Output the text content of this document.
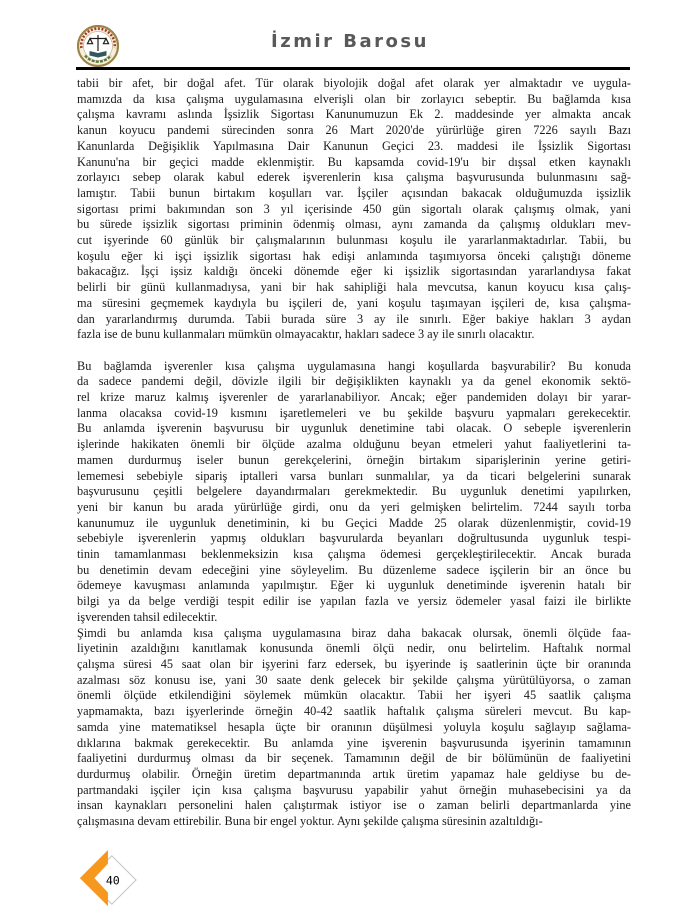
İzmir Barosu
tabii bir afet, bir doğal afet. Tür olarak biyolojik doğal afet olarak yer almaktadır ve uygula-
mamızda da kısa çalışma uygulamasına elverişli olan bir zorlayıcı sebeptir. Bu bağlamda kısa
çalışma kavramı aslında İşsizlik Sigortası Kanunumuzun Ek 2. maddesinde yer almakta ancak
kanun koyucu pandemi sürecinden sonra 26 Mart 2020'de yürürlüğe giren 7226 sayılı Bazı
Kanunlarda Değişiklik Yapılmasına Dair Kanunun Geçici 23. maddesi ile İşsizlik Sigortası
Kanunu'na bir geçici madde eklenmiştir. Bu kapsamda covid-19'u bir dışsal etken kaynaklı
zorlayıcı sebep olarak kabul ederek işverenlerin kısa çalışma başvurusunda bulunmasını sağ-
lamıştır. Tabii bunun birtakım koşulları var. İşçiler açısından bakacak olduğumuzda işsizlik
sigortası primi bakımından son 3 yıl içerisinde 450 gün sigortalı olarak çalışmış olmak, yani
bu sürede işsizlik sigortası priminin ödenmiş olması, aynı zamanda da çalışmış oldukları mev-
cut işyerinde 60 günlük bir çalışmalarının bulunması koşulu ile yararlanmaktadırlar. Tabii, bu
koşulu eğer ki işçi işsizlik sigortası hak edişi anlamında taşımıyorsa önceki çalıştığı döneme
bakacağız. İşçi işsiz kaldığı önceki dönemde eğer ki işsizlik sigortasından yararlandıysa fakat
belirli bir günü kullanmadıysa, yani bir hak sahipliği hala mevcutsa, kanun koyucu kısa çalış-
ma süresini geçmemek kaydıyla bu işçileri de, yani koşulu taşımayan işçileri de, kısa çalışma-
dan yararlandırmış durumda. Tabii burada süre 3 ay ile sınırlı. Eğer bakiye hakları 3 aydan
fazla ise de bunu kullanmaları mümkün olmayacaktır, hakları sadece 3 ay ile sınırlı olacaktır.
Bu bağlamda işverenler kısa çalışma uygulamasına hangi koşullarda başvurabilir? Bu konuda
da sadece pandemi değil, dövizle ilgili bir değişiklikten kaynaklı ya da genel ekonomik sektö-
rel krize maruz kalmış işverenler de yararlanabiliyor. Ancak; eğer pandemiden dolayı bir yarar-
lanma olacaksa covid-19 kısmını işaretlemeleri ve bu şekilde başvuru yapmaları gerekecektir.
Bu anlamda işverenin başvurusu bir uygunluk denetimine tabi olacak. O sebeple işverenlerin
işlerinde hakikaten önemli bir ölçüde azalma olduğunu beyan etmeleri yahut faaliyetlerini ta-
mamen durdurmuş iseler bunun gerekçelerini, örneğin birtakım siparişlerinin yerine getiri-
lememesi sebebiyle sipariş iptalleri varsa bunları sunmalılar, ya da ticari belgelerini sunarak
başvurusunu çeşitli belgelere dayandırmaları gerekmektedir. Bu uygunluk denetimi yapılırken,
yeni bir kanun bu arada yürürlüğe girdi, onu da yeri gelmişken belirtelim. 7244 sayılı torba
kanunumuz ile uygunluk denetiminin, ki bu Geçici Madde 25 olarak düzenlenmiştir, covid-19
sebebiyle işverenlerin yapmış oldukları başvurularda beyanları doğrultusunda uygunluk tespi-
tinin tamamlanması beklenmeksizin kısa çalışma ödemesi gerçekleştirilecektir. Ancak burada
bu denetimin devam edeceğini yine söyleyelim. Bu düzenleme sadece işçilerin bir an önce bu
ödemeye kavuşması anlamında yapılmıştır. Eğer ki uygunluk denetiminde işverenin hatalı bir
bilgi ya da belge verdiği tespit edilir ise yapılan fazla ve yersiz ödemeler yasal faizi ile birlikte
işverenden tahsil edilecektir.
Şimdi bu anlamda kısa çalışma uygulamasına biraz daha bakacak olursak, önemli ölçüde faa-
liyetinin azaldığını kanıtlamak konusunda önemli ölçü nedir, onu belirtelim. Haftalık normal
çalışma süresi 45 saat olan bir işyerini farz edersek, bu işyerinde iş saatlerinin üçte bir oranında
azalması söz konusu ise, yani 30 saate denk gelecek bir şekilde çalışma yürütülüyorsa, o zaman
önemli ölçüde etkilendiğini söylemek mümkün olacaktır. Tabii her işyeri 45 saatlik çalışma
yapmamakta, bazı işyerlerinde örneğin 40-42 saatlik haftalık çalışma süreleri mevcut. Bu kap-
samda yine matematiksel hesapla üçte bir oranının düşülmesi yoluyla koşulu sağlayıp sağlama-
dıklarına bakmak gerekecektir. Bu anlamda yine işverenin başvurusunda işyerinin tamamının
faaliyetini durdurmuş olması da bir seçenek. Tamamının değil de bir bölümünün de faaliyetini
durdurmuş olabilir. Örneğin üretim departmanında artık üretim yapamaz hale geldiyse bu de-
partmandaki işçiler için kısa çalışma başvurusu yapabilir yahut örneğin muhasebecisini ya da
insan kaynakları personelini halen çalıştırmak istiyor ise o zaman belirli departmanlarda yine
çalışmasına devam ettirebilir. Buna bir engel yoktur. Aynı şekilde çalışma süresinin azaltıldığı-
40
